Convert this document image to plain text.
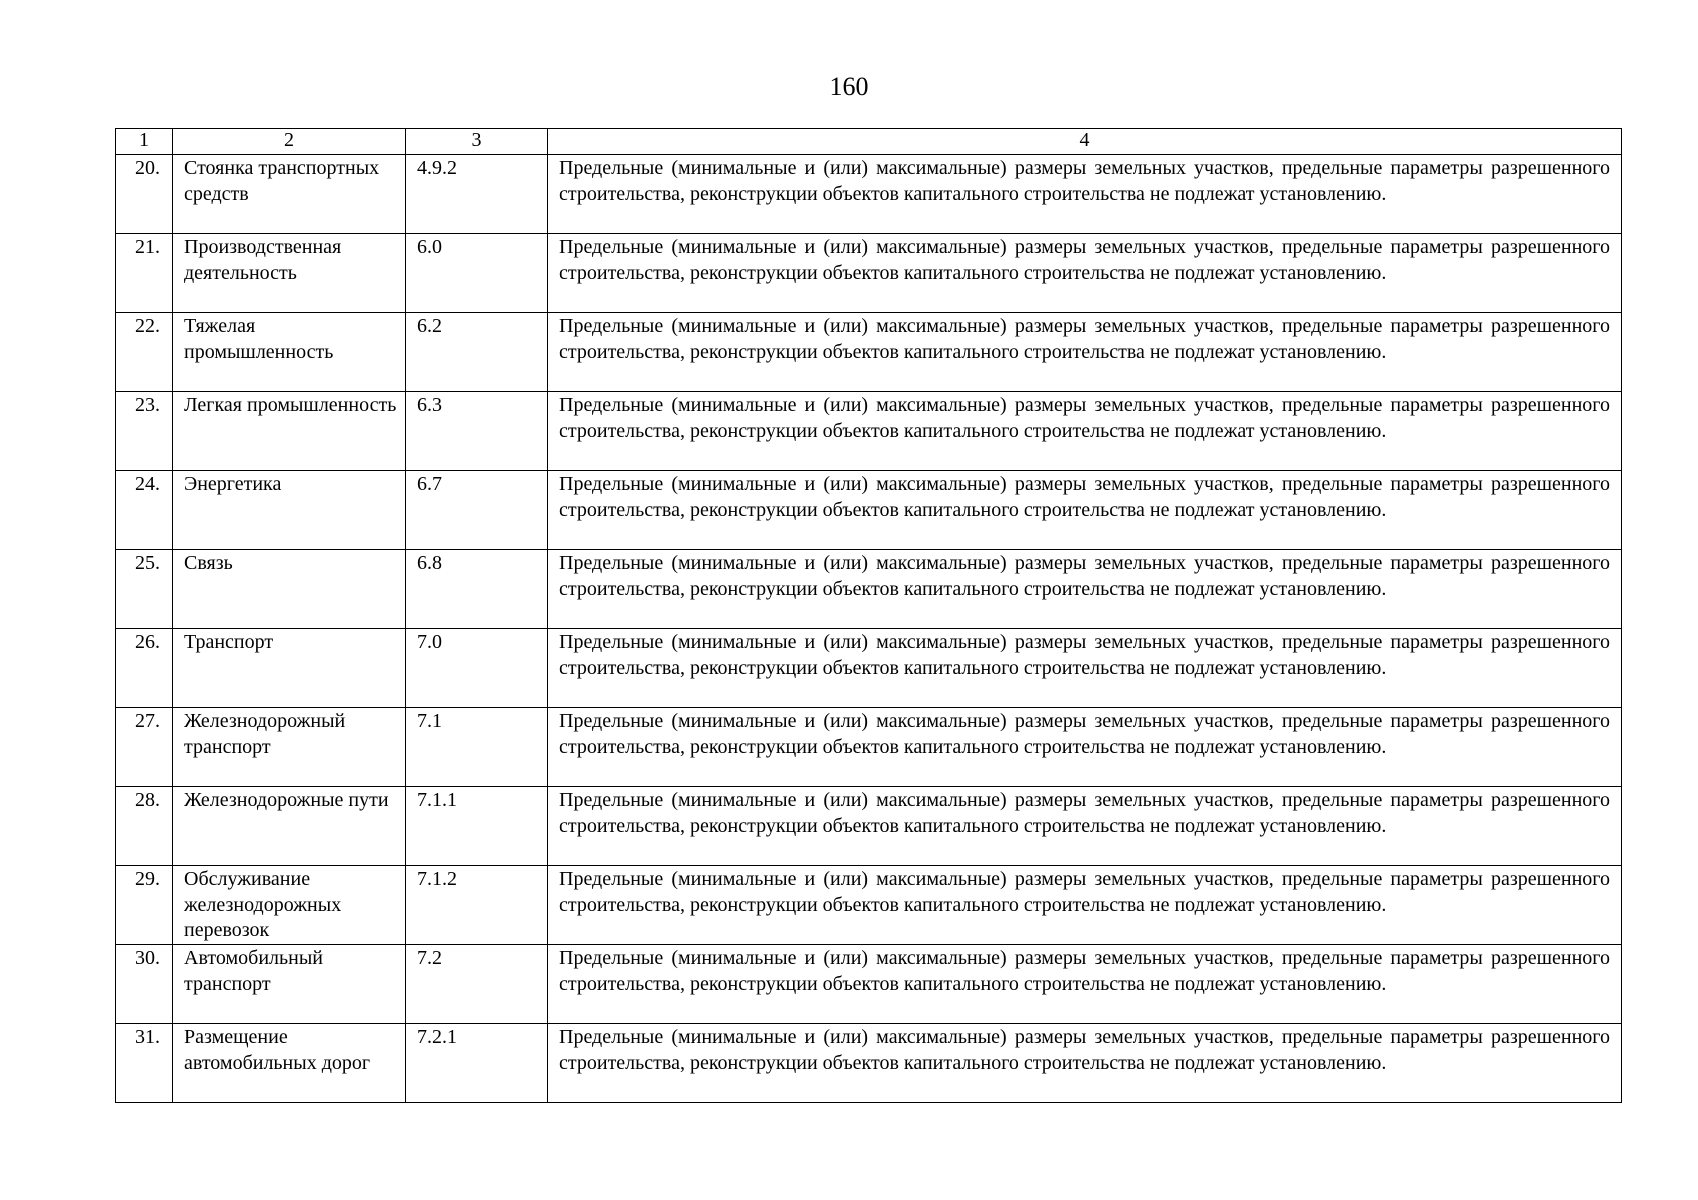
160
1	2	3	4
20.	Стоянка транспортных средств	4.9.2	Предельные (минимальные и (или) максимальные) размеры земельных участков, предельные параметры разрешенного строительства, реконструкции объектов капитального строительства не подлежат установлению.
21.	Производственная деятельность	6.0	Предельные (минимальные и (или) максимальные) размеры земельных участков, предельные параметры разрешенного строительства, реконструкции объектов капитального строительства не подлежат установлению.
22.	Тяжелая промышленность	6.2	Предельные (минимальные и (или) максимальные) размеры земельных участков, предельные параметры разрешенного строительства, реконструкции объектов капитального строительства не подлежат установлению.
23.	Легкая промышленность	6.3	Предельные (минимальные и (или) максимальные) размеры земельных участков, предельные параметры разрешенного строительства, реконструкции объектов капитального строительства не подлежат установлению.
24.	Энергетика	6.7	Предельные (минимальные и (или) максимальные) размеры земельных участков, предельные параметры разрешенного строительства, реконструкции объектов капитального строительства не подлежат установлению.
25.	Связь	6.8	Предельные (минимальные и (или) максимальные) размеры земельных участков, предельные параметры разрешенного строительства, реконструкции объектов капитального строительства не подлежат установлению.
26.	Транспорт	7.0	Предельные (минимальные и (или) максимальные) размеры земельных участков, предельные параметры разрешенного строительства, реконструкции объектов капитального строительства не подлежат установлению.
27.	Железнодорожный транспорт	7.1	Предельные (минимальные и (или) максимальные) размеры земельных участков, предельные параметры разрешенного строительства, реконструкции объектов капитального строительства не подлежат установлению.
28.	Железнодорожные пути	7.1.1	Предельные (минимальные и (или) максимальные) размеры земельных участков, предельные параметры разрешенного строительства, реконструкции объектов капитального строительства не подлежат установлению.
29.	Обслуживание железнодорожных перевозок	7.1.2	Предельные (минимальные и (или) максимальные) размеры земельных участков, предельные параметры разрешенного строительства, реконструкции объектов капитального строительства не подлежат установлению.
30.	Автомобильный транспорт	7.2	Предельные (минимальные и (или) максимальные) размеры земельных участков, предельные параметры разрешенного строительства, реконструкции объектов капитального строительства не подлежат установлению.
31.	Размещение автомобильных дорог	7.2.1	Предельные (минимальные и (или) максимальные) размеры земельных участков, предельные параметры разрешенного строительства, реконструкции объектов капитального строительства не подлежат установлению.
